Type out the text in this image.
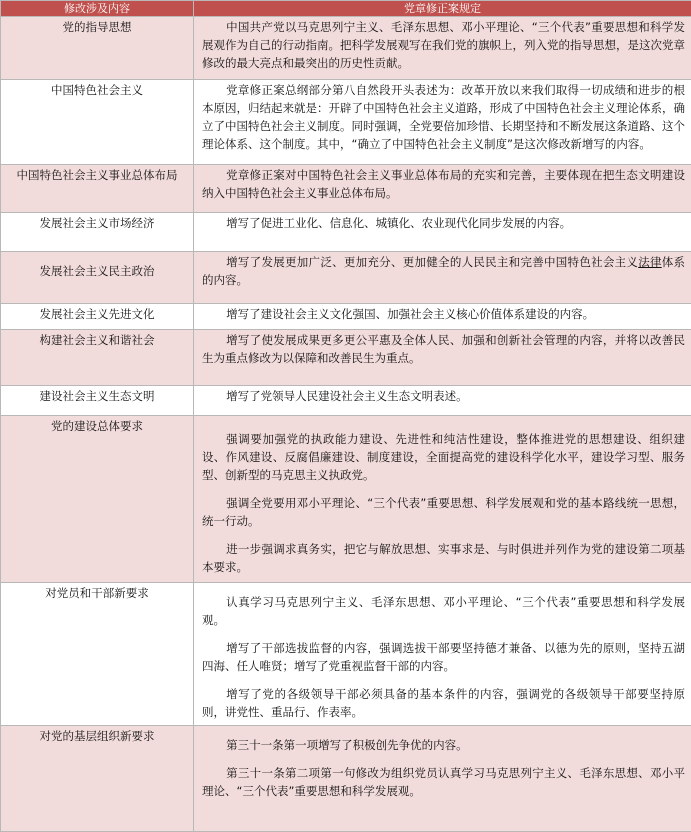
修改涉及内容	党章修正案规定
党的指导思想	中国共产党以马克思列宁主义、毛泽东思想、邓小平理论、“三个代表”重要思想和科学发展观作为自己的行动指南。把科学发展观写在我们党的旗帜上，列入党的指导思想，是这次党章修改的最大亮点和最突出的历史性贡献。

中国特色社会主义	党章修正案总纲部分第八自然段开头表述为：改革开放以来我们取得一切成绩和进步的根本原因，归结起来就是：开辟了中国特色社会主义道路，形成了中国特色社会主义理论体系，确立了中国特色社会主义制度。同时强调，全党要倍加珍惜、长期坚持和不断发展这条道路、这个理论体系、这个制度。其中，“确立了中国特色社会主义制度”是这次修改新增写的内容。

中国特色社会主义事业总体布局	党章修正案对中国特色社会主义事业总体布局的充实和完善，主要体现在把生态文明建设纳入中国特色社会主义事业总体布局。

发展社会主义市场经济	增写了促进工业化、信息化、城镇化、农业现代化同步发展的内容。

发展社会主义民主政治	增写了发展更加广泛、更加充分、更加健全的人民民主和完善中国特色社会主义法律体系的内容。

发展社会主义先进文化	增写了建设社会主义文化强国、加强社会主义核心价值体系建设的内容。

构建社会主义和谐社会	增写了使发展成果更多更公平惠及全体人民、加强和创新社会管理的内容，并将以改善民生为重点修改为以保障和改善民生为重点。

建设社会主义生态文明	增写了党领导人民建设社会主义生态文明表述。

党的建设总体要求	强调要加强党的执政能力建设、先进性和纯洁性建设，整体推进党的思想建设、组织建设、作风建设、反腐倡廉建设、制度建设，全面提高党的建设科学化水平，建设学习型、服务型、创新型的马克思主义执政党。

强调全党要用邓小平理论、“三个代表”重要思想、科学发展观和党的基本路线统一思想，统一行动。

进一步强调求真务实，把它与解放思想、实事求是、与时俱进并列作为党的建设第二项基本要求。

对党员和干部新要求	认真学习马克思列宁主义、毛泽东思想、邓小平理论、“三个代表”重要思想和科学发展观。

增写了干部选拔监督的内容，强调选拔干部要坚持德才兼备、以德为先的原则，坚持五湖四海、任人唯贤；增写了党重视监督干部的内容。

增写了党的各级领导干部必须具备的基本条件的内容，强调党的各级领导干部要坚持原则，讲党性、重品行、作表率。

对党的基层组织新要求	第三十一条第一项增写了积极创先争优的内容。

第三十一条第二项第一句修改为组织党员认真学习马克思列宁主义、毛泽东思想、邓小平理论、“三个代表”重要思想和科学发展观。
